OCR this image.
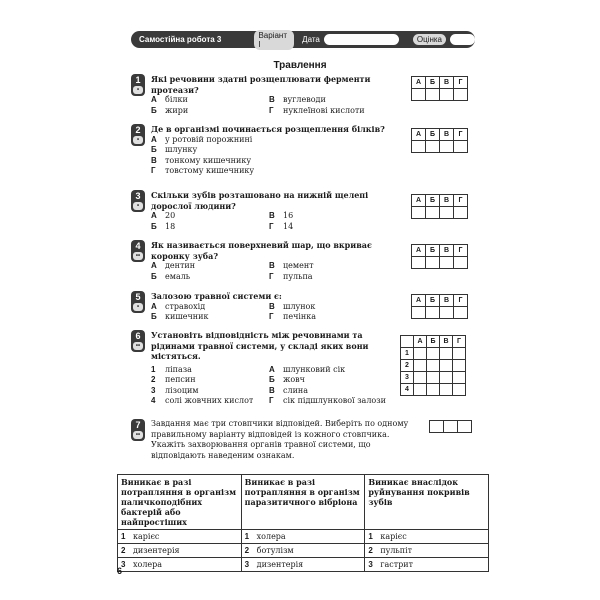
Самостійна робота 3	Варіант І	Дата	Оцінка
Травлення
1
•
Які речовини здатні розщеплювати ферменти протеази?
А білки	В вуглеводи
Б жири	Г нуклеїнові кислоти
А	Б	В	Г

2
•
Де в організмі починається розщеплення білків?
А у ротовій порожнині
Б шлунку
В тонкому кишечнику
Г товстому кишечнику
А	Б	В	Г

3
•
Скільки зубів розташовано на нижній щелепі дорослої людини?
А 20	В 16
Б 18	Г 14
А	Б	В	Г

4
••
Як називається поверхневий шар, що вкриває коронку зуба?
А дентин	В цемент
Б емаль	Г пульпа
А	Б	В	Г

5
•
Залозою травної системи є:
А стравохід	В шлунок
Б кишечник	Г печінка
А	Б	В	Г

6
••
Установіть відповідність між речовинами та рідинами травної системи, у складі яких вони містяться.
1 ліпаза	А шлунковий сік
2 пепсин	Б жовч
3 лізоцим	В слина
4 солі жовчних кислот	Г сік підшлункової залози
	А	Б	В	Г
1				
2				
3				
4				
7
••
Завдання має три стовпчики відповідей. Виберіть по одному правильному варіанту відповідей із кожного стовпчика. Укажіть захворювання органів травної системи, що відповідають наведеним ознакам.
Виникає в разі потрапляння в організм паличкоподібних бактерій або найпростіших	Виникає в разі потрапляння в організм паразитичного вібріона	Виникає внаслідок руйнування покривів зубів
1 карієс	1 холера	1 карієс
2 дизентерія	2 ботулізм	2 пульпіт
3 холера	3 дизентерія	3 гастрит
6
